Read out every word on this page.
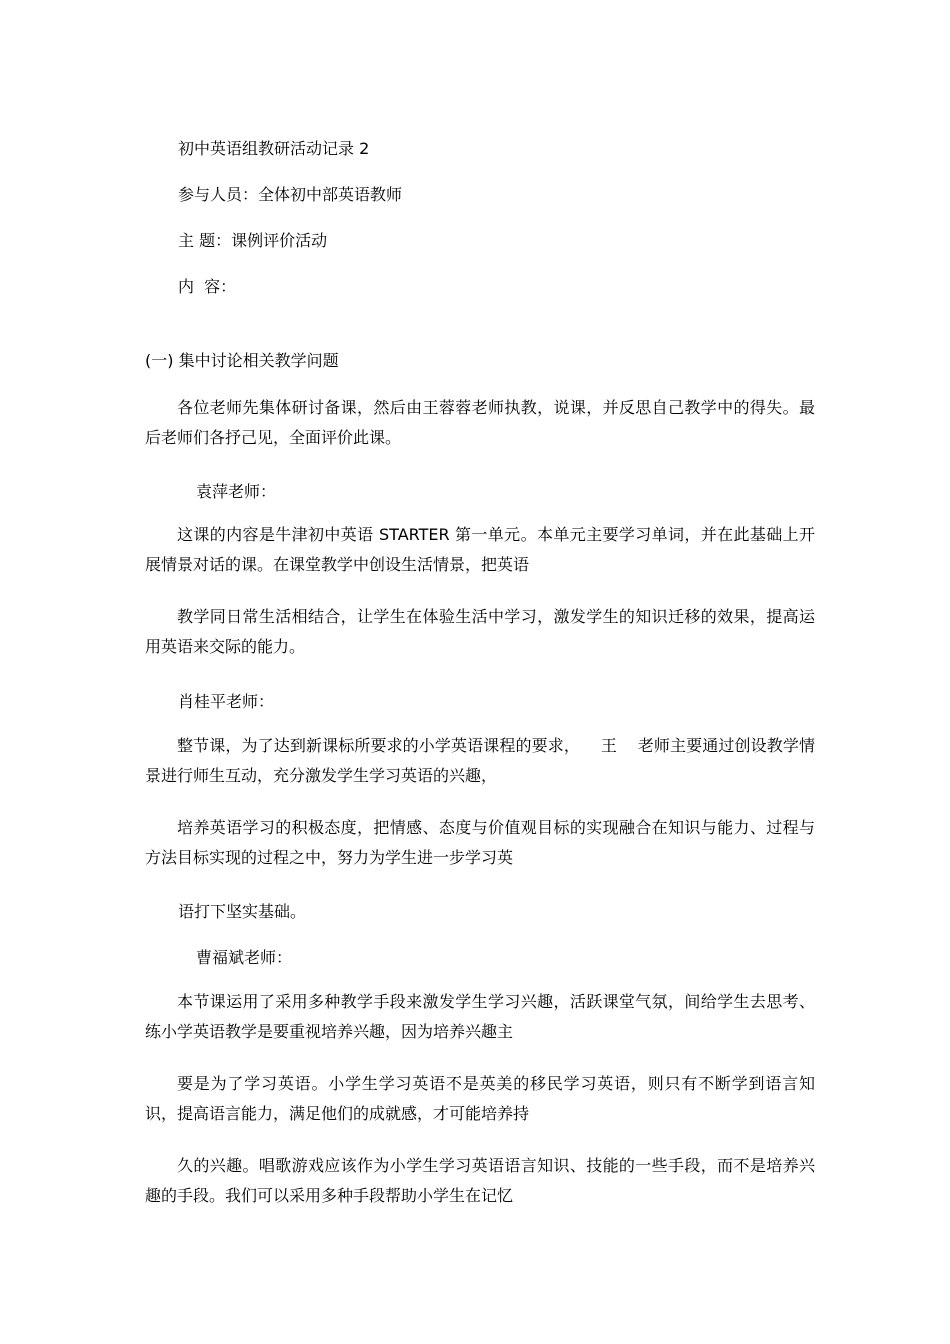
初中英语组教研活动记录 2
参与人员：全体初中部英语教师
主 题：课例评价活动
内  容：
(一) 集中讨论相关教学问题
各位老师先集体研讨备课，然后由王蓉蓉老师执教，说课，并反思自己教学中的得失。最后老师们各抒己见，全面评价此课。
袁萍老师：
这课的内容是牛津初中英语 STARTER 第一单元。本单元主要学习单词，并在此基础上开展情景对话的课。在课堂教学中创设生活情景，把英语
教学同日常生活相结合，让学生在体验生活中学习，激发学生的知识迁移的效果，提高运用英语来交际的能力。
肖桂平老师：
整节课，为了达到新课标所要求的小学英语课程的要求，    王    老师主要通过创设教学情景进行师生互动，充分激发学生学习英语的兴趣，
培养英语学习的积极态度，把情感、态度与价值观目标的实现融合在知识与能力、过程与方法目标实现的过程之中，努力为学生进一步学习英
语打下坚实基础。
曹福斌老师：
本节课运用了采用多种教学手段来激发学生学习兴趣，活跃课堂气氛，间给学生去思考、练小学英语教学是要重视培养兴趣，因为培养兴趣主
要是为了学习英语。小学生学习英语不是英美的移民学习英语，则只有不断学到语言知识，提高语言能力，满足他们的成就感，才可能培养持
久的兴趣。唱歌游戏应该作为小学生学习英语语言知识、技能的一些手段，而不是培养兴趣的手段。我们可以采用多种手段帮助小学生在记忆
